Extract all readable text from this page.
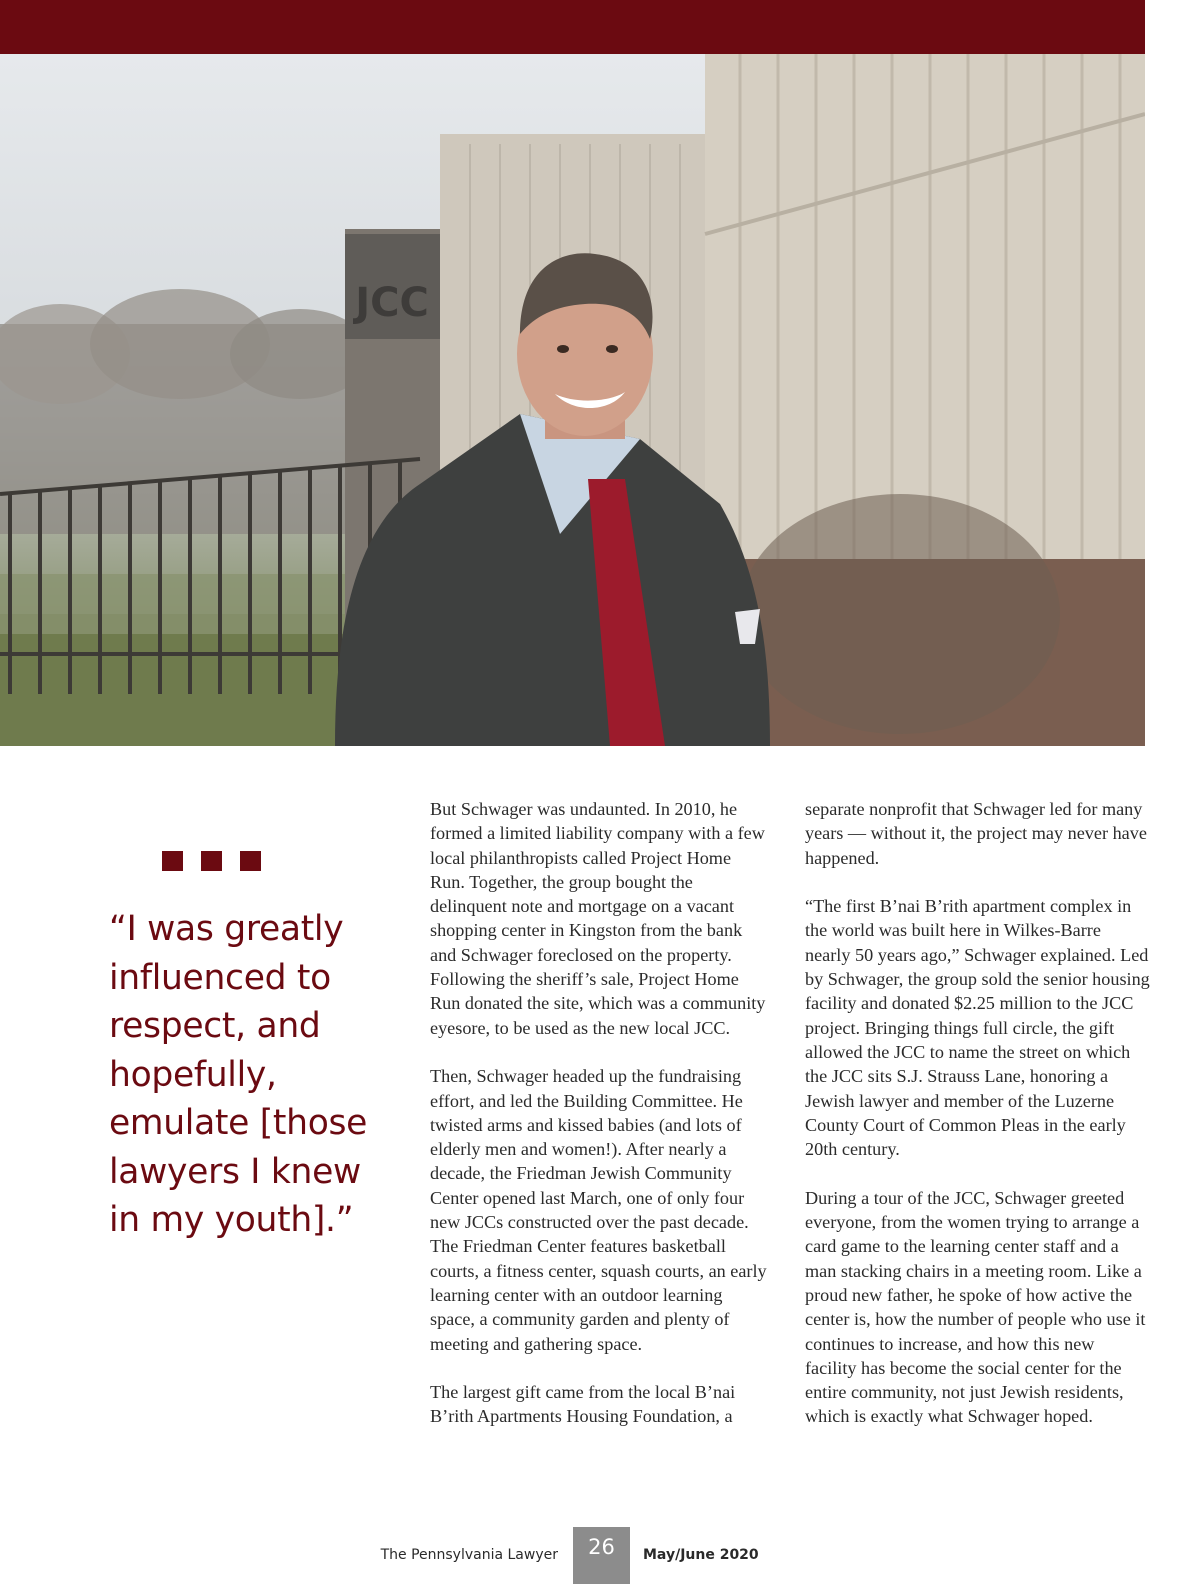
JCC

“I was greatly influenced to respect, and hopefully, emulate [those lawyers I knew in my youth].”

But Schwager was undaunted. In 2010, he formed a limited liability company with a few local philanthropists called Project Home Run. Together, the group bought the delinquent note and mortgage on a vacant shopping center in Kingston from the bank and Schwager foreclosed on the property. Following the sheriff’s sale, Project Home Run donated the site, which was a community eyesore, to be used as the new local JCC.

Then, Schwager headed up the fundraising effort, and led the Building Committee. He twisted arms and kissed babies (and lots of elderly men and women!). After nearly a decade, the Friedman Jewish Community Center opened last March, one of only four new JCCs constructed over the past decade. The Friedman Center features basketball courts, a fitness center, squash courts, an early learning center with an outdoor learning space, a community garden and plenty of meeting and gathering space.

The largest gift came from the local B’nai B’rith Apartments Housing Foundation, a

separate nonprofit that Schwager led for many years — without it, the project may never have happened.

“The first B’nai B’rith apartment complex in the world was built here in Wilkes-Barre nearly 50 years ago,” Schwager explained. Led by Schwager, the group sold the senior housing facility and donated $2.25 million to the JCC project. Bringing things full circle, the gift allowed the JCC to name the street on which the JCC sits S.J. Strauss Lane, honoring a Jewish lawyer and member of the Luzerne County Court of Common Pleas in the early 20th century.

During a tour of the JCC, Schwager greeted everyone, from the women trying to arrange a card game to the learning center staff and a man stacking chairs in a meeting room. Like a proud new father, he spoke of how active the center is, how the number of people who use it continues to increase, and how this new facility has become the social center for the entire community, not just Jewish residents, which is exactly what Schwager hoped.

The Pennsylvania Lawyer	26	May/June 2020
